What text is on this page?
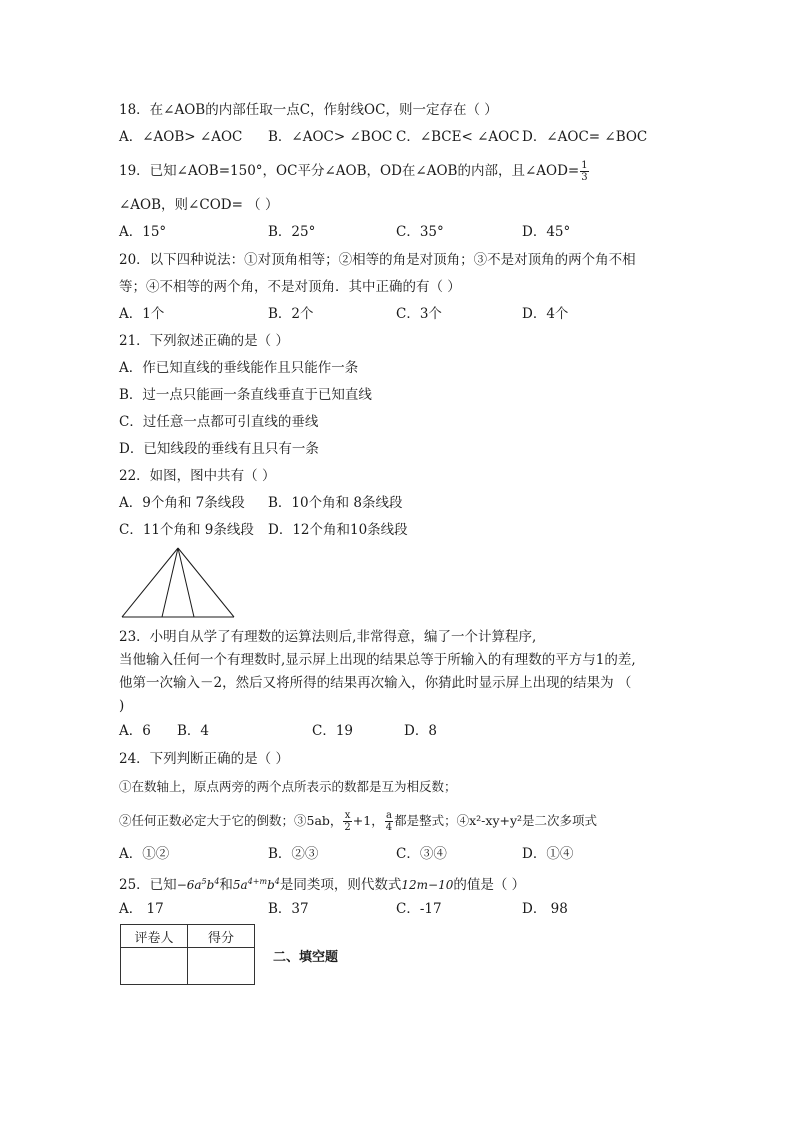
18．在∠AOB的内部任取一点C，作射线OC，则一定存在（ ）
A．∠AOB> ∠AOC B．∠AOC> ∠BOC C．∠BCE< ∠AOC D．∠AOC= ∠BOC
19．已知∠AOB=150°，OC平分∠AOB，OD在∠AOB的内部，且∠AOD= $\frac{1}{3}$
∠AOB，则∠COD= （ ）
A．15°	B．25°	C．35°	D．45°
20．以下四种说法：①对顶角相等；②相等的角是对顶角；③不是对顶角的两个角不相
等；④不相等的两个角，不是对顶角．其中正确的有（ ）
A．1个	B．2个	C．3个	D．4个
21．下列叙述正确的是（ ）
A．作已知直线的垂线能作且只能作一条
B．过一点只能画一条直线垂直于已知直线
C．过任意一点都可引直线的垂线
D．已知线段的垂线有且只有一条
22．如图，图中共有（ ）
A．9个角和 7条线段 B．10个角和 8条线段
C．11个角和 9条线段 D．12个角和10条线段
23．小明自从学了有理数的运算法则后,非常得意，编了一个计算程序,
当他输入任何一个有理数时,显示屏上出现的结果总等于所输入的有理数的平方与1的差,
他第一次输入－2，然后又将所得的结果再次输入，你猜此时显示屏上出现的结果为 （
)
A．6 B．4	C．19	D．8
24．下列判断正确的是（ ）
①在数轴上，原点两旁的两个点所表示的数都是互为相反数；
②任何正数必定大于它的倒数；③5ab， $\frac{x}{2} +1$， $\frac{a}{4}$ 都是整式；④x²-xy+y²是二次多项式
A．①②	B．②③	C．③④	D．①④
25．已知$-6a^5b^4$和$5a^{4+m}b^4$是同类项，则代数式12m−10的值是（ ）
A． 17	B．37	C．-17	D． 98
评卷人	得分

二、填空题
